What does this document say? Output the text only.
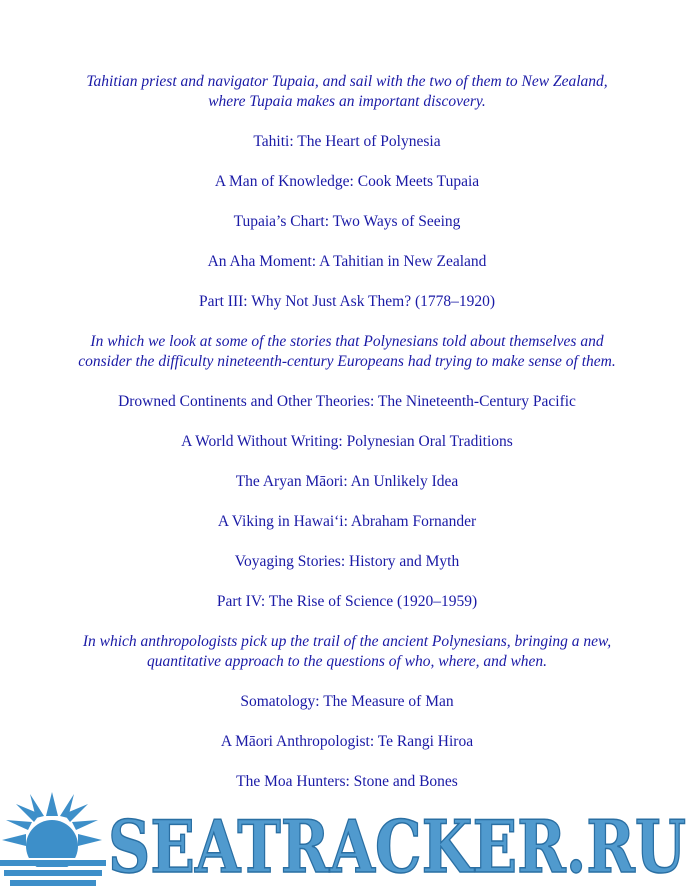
Tahitian priest and navigator Tupaia, and sail with the two of them to New Zealand, where Tupaia makes an important discovery.
Tahiti: The Heart of Polynesia
A Man of Knowledge: Cook Meets Tupaia
Tupaia’s Chart: Two Ways of Seeing
An Aha Moment: A Tahitian in New Zealand
Part III: Why Not Just Ask Them? (1778–1920)
In which we look at some of the stories that Polynesians told about themselves and consider the difficulty nineteenth-century Europeans had trying to make sense of them.
Drowned Continents and Other Theories: The Nineteenth-Century Pacific
A World Without Writing: Polynesian Oral Traditions
The Aryan Māori: An Unlikely Idea
A Viking in Hawai‘i: Abraham Fornander
Voyaging Stories: History and Myth
Part IV: The Rise of Science (1920–1959)
In which anthropologists pick up the trail of the ancient Polynesians, bringing a new, quantitative approach to the questions of who, where, and when.
Somatology: The Measure of Man
A Māori Anthropologist: Te Rangi Hiroa
The Moa Hunters: Stone and Bones
SEATRACKER.RU
